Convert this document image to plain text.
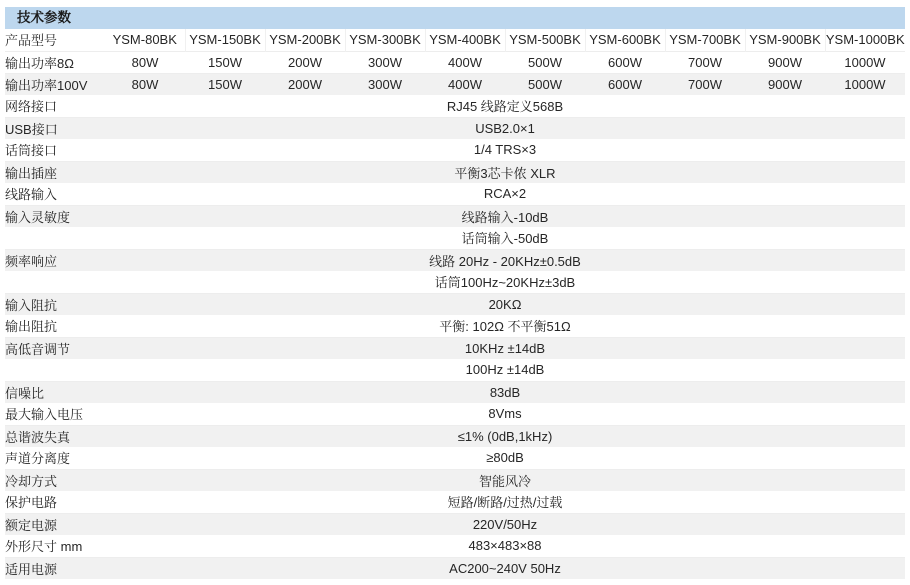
技术参数
产品型号	YSM-80BK	YSM-150BK	YSM-200BK	YSM-300BK	YSM-400BK	YSM-500BK	YSM-600BK	YSM-700BK	YSM-900BK	YSM-1000BK
输出功率8Ω	80W	150W	200W	300W	400W	500W	600W	700W	900W	1000W
输出功率100V	80W	150W	200W	300W	400W	500W	600W	700W	900W	1000W
网络接口	RJ45 线路定义568B									
USB接口	USB2.0×1									
话筒接口	1/4 TRS×3									
输出插座	平衡3芯卡侬 XLR									
线路输入	RCA×2									
输入灵敏度	线路输入-10dB									
	话筒输入-50dB									
频率响应	线路 20Hz - 20KHz±0.5dB									
	话筒100Hz~20KHz±3dB									
输入阻抗	20KΩ									
输出阻抗	平衡: 102Ω 不平衡51Ω									
高低音调节	10KHz ±14dB									
	100Hz ±14dB									
信噪比	83dB									
最大输入电压	8Vms									
总谐波失真	≤1% (0dB,1kHz)									
声道分离度	≥80dB									
冷却方式	智能风冷									
保护电路	短路/断路/过热/过载									
额定电源	220V/50Hz									
外形尺寸 mm	483×483×88									
适用电源	AC200~240V 50Hz									
